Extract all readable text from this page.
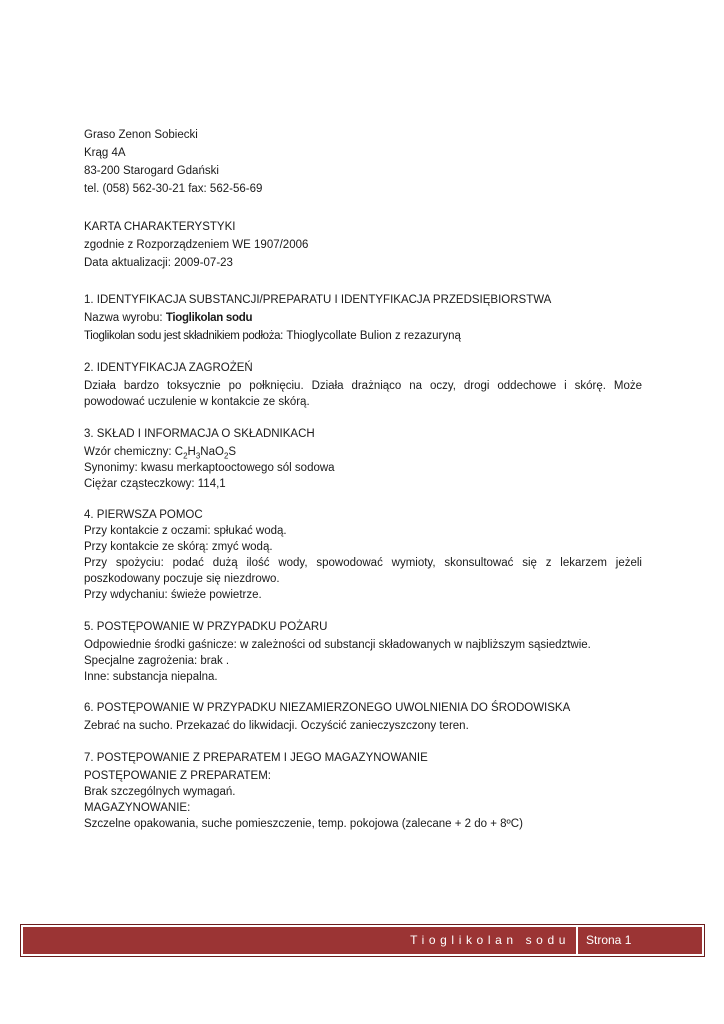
Graso Zenon Sobiecki
Krąg 4A
83-200 Starogard Gdański
tel. (058) 562-30-21 fax: 562-56-69
KARTA CHARAKTERYSTYKI
zgodnie z Rozporządzeniem WE 1907/2006
Data aktualizacji: 2009-07-23
1. IDENTYFIKACJA SUBSTANCJI/PREPARATU I IDENTYFIKACJA PRZEDSIĘBIORSTWA
Nazwa wyrobu: Tioglikolan sodu
Tioglikolan sodu jest składnikiem podłoża: Thioglycollate Bulion z rezazuryną
2. IDENTYFIKACJA ZAGROŻEŃ
Działa bardzo toksycznie po połknięciu. Działa drażniąco na oczy, drogi oddechowe i skórę. Może
powodować uczulenie w kontakcie ze skórą.
3. SKŁAD I INFORMACJA O SKŁADNIKACH
Wzór chemiczny: $C_2H_3NaO_2S$
Synonimy: kwasu merkaptooctowego sól sodowa
Ciężar cząsteczkowy: 114,1
4. PIERWSZA POMOC
Przy kontakcie z oczami: spłukać wodą.
Przy kontakcie ze skórą: zmyć wodą.
Przy spożyciu: podać dużą ilość wody, spowodować wymioty, skonsultować się z lekarzem jeżeli
poszkodowany poczuje się niezdrowo.
Przy wdychaniu: świeże powietrze.
5. POSTĘPOWANIE W PRZYPADKU POŻARU
Odpowiednie środki gaśnicze: w zależności od substancji składowanych w najbliższym sąsiedztwie.
Specjalne zagrożenia: brak .
Inne: substancja niepalna.
6. POSTĘPOWANIE W PRZYPADKU NIEZAMIERZONEGO UWOLNIENIA DO ŚRODOWISKA
Zebrać na sucho. Przekazać do likwidacji. Oczyścić zanieczyszczony teren.
7. POSTĘPOWANIE Z PREPARATEM I JEGO MAGAZYNOWANIE
POSTĘPOWANIE Z PREPARATEM:
Brak szczególnych wymagań.
MAGAZYNOWANIE:
Szczelne opakowania, suche pomieszczenie, temp. pokojowa (zalecane + 2 do + 8ºC)
Tioglikolan sodu Strona 1
